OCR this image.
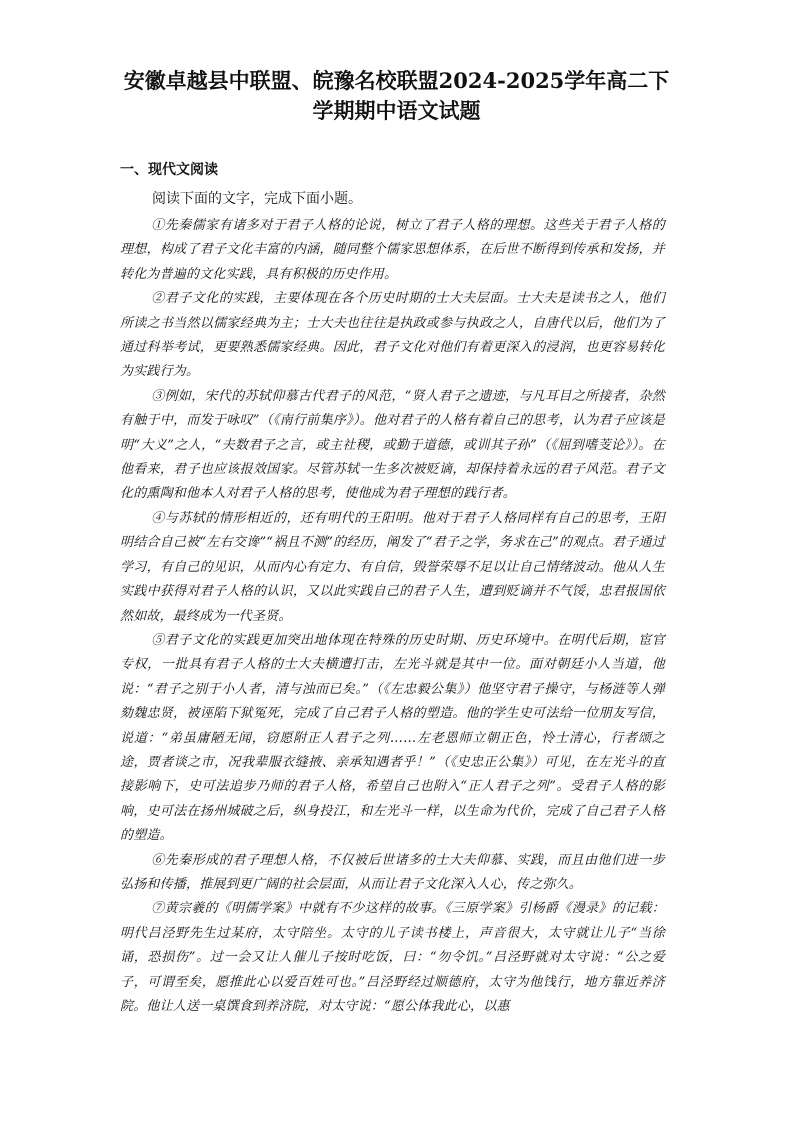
安徽卓越县中联盟、皖豫名校联盟2024-2025学年高二下
学期期中语文试题
一、现代文阅读
阅读下面的文字，完成下面小题。

①先秦儒家有诸多对于君子人格的论说，树立了君子人格的理想。这些关于君子人格的理想，构成了君子文化丰富的内涵，随同整个儒家思想体系，在后世不断得到传承和发扬，并转化为普遍的文化实践，具有积极的历史作用。

②君子文化的实践，主要体现在各个历史时期的士大夫层面。士大夫是读书之人，他们所读之书当然以儒家经典为主；士大夫也往往是执政或参与执政之人，自唐代以后，他们为了通过科举考试，更要熟悉儒家经典。因此，君子文化对他们有着更深入的浸润，也更容易转化为实践行为。

③例如，宋代的苏轼仰慕古代君子的风范，“贤人君子之遗迹，与凡耳目之所接者，杂然有触于中，而发于咏叹”（《南行前集序》）。他对君子的人格有着自己的思考，认为君子应该是明“大义”之人，“夫数君子之言，或主社稷，或勤于道德，或训其子孙”（《屈到嗜芰论》）。在他看来，君子也应该报效国家。尽管苏轼一生多次被贬谪，却保持着永远的君子风范。君子文化的熏陶和他本人对君子人格的思考，使他成为君子理想的践行者。

④与苏轼的情形相近的，还有明代的王阳明。他对于君子人格同样有自己的思考，王阳明结合自己被“左右交谗”“祸且不测”的经历，阐发了“君子之学，务求在己”的观点。君子通过学习，有自己的见识，从而内心有定力、有自信，毁誉荣辱不足以让自己情绪波动。他从人生实践中获得对君子人格的认识，又以此实践自己的君子人生，遭到贬谪并不气馁，忠君报国依然如故，最终成为一代圣贤。

⑤君子文化的实践更加突出地体现在特殊的历史时期、历史环境中。在明代后期，宦官专权，一批具有君子人格的士大夫横遭打击，左光斗就是其中一位。面对朝廷小人当道，他说：“君子之别于小人者，清与浊而已矣。”（《左忠毅公集》）他坚守君子操守，与杨涟等人弹劾魏忠贤，被诬陷下狱冤死，完成了自己君子人格的塑造。他的学生史可法给一位朋友写信，说道：“弟虽庸陋无闻，窃愿附正人君子之列……左老恩师立朝正色，怜士清心，行者颂之途，贾者谈之市，况我辈服衣缝掖、亲承知遇者乎！”（《史忠正公集》）可见，在左光斗的直接影响下，史可法追步乃师的君子人格，希望自己也附入“正人君子之列”。受君子人格的影响，史可法在扬州城破之后，纵身投江，和左光斗一样，以生命为代价，完成了自己君子人格的塑造。

⑥先秦形成的君子理想人格，不仅被后世诸多的士大夫仰慕、实践，而且由他们进一步弘扬和传播，推展到更广阔的社会层面，从而让君子文化深入人心，传之弥久。

⑦黄宗羲的《明儒学案》中就有不少这样的故事。《三原学案》引杨爵《漫录》的记载：明代吕泾野先生过某府，太守陪坐。太守的儿子读书楼上，声音很大，太守就让儿子“当徐诵，恐损伤”。过一会又让人催儿子按时吃饭，曰：“勿令饥。”吕泾野就对太守说：“公之爱子，可谓至矣，愿推此心以爱百姓可也。”吕泾野经过顺德府，太守为他饯行，地方靠近养济院。他让人送一桌馔食到养济院，对太守说：“愿公体我此心，以惠
